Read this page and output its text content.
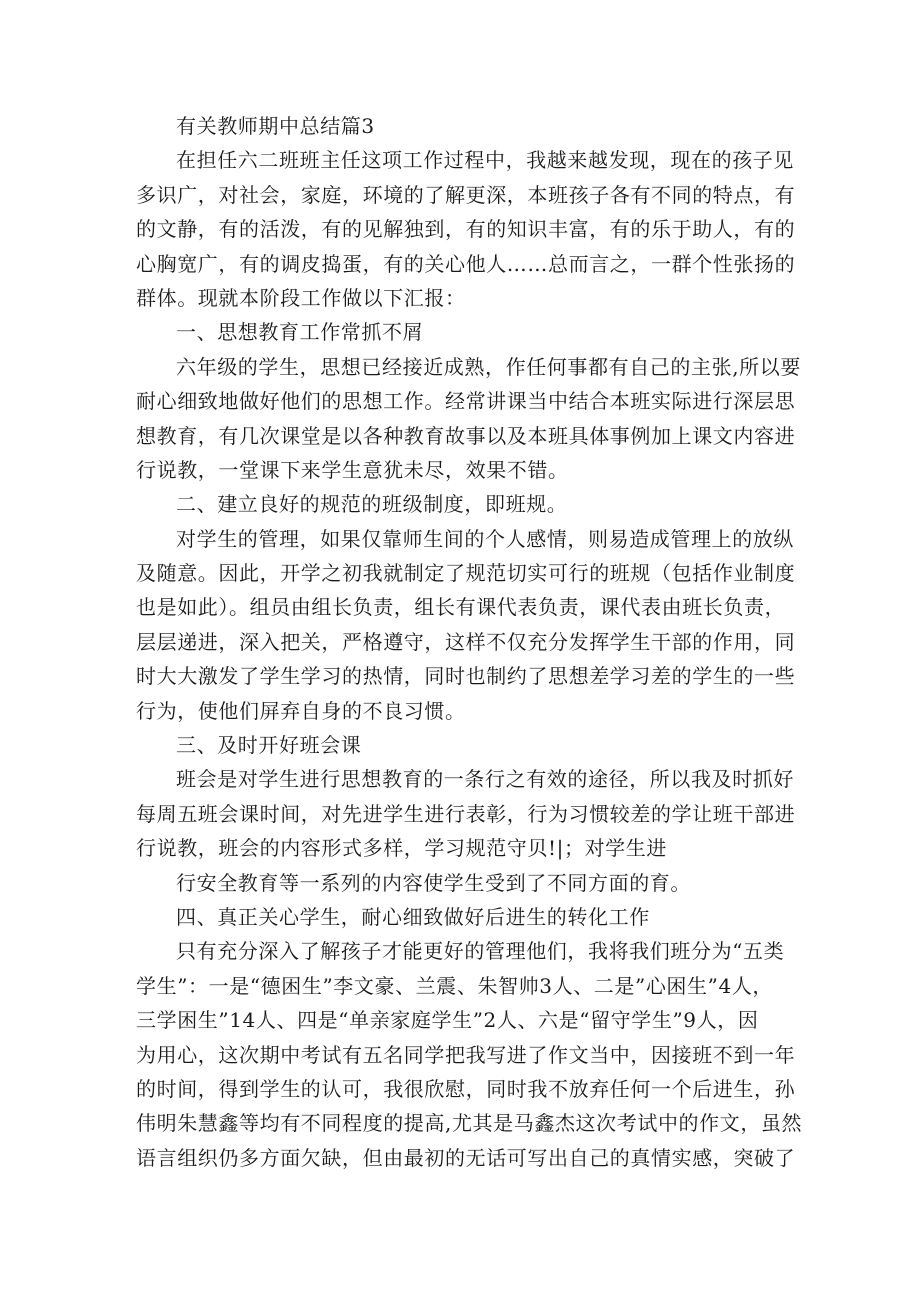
有关教师期中总结篇3
在担任六二班班主任这项工作过程中，我越来越发现，现在的孩子见
多识广，对社会，家庭，环境的了解更深，本班孩子各有不同的特点，有
的文静，有的活泼，有的见解独到，有的知识丰富，有的乐于助人，有的
心胸宽广，有的调皮捣蛋，有的关心他人……总而言之，一群个性张扬的
群体。现就本阶段工作做以下汇报：
一、思想教育工作常抓不屑
六年级的学生，思想已经接近成熟，作任何事都有自己的主张,所以要
耐心细致地做好他们的思想工作。经常讲课当中结合本班实际进行深层思
想教育，有几次课堂是以各种教育故事以及本班具体事例加上课文内容进
行说教，一堂课下来学生意犹未尽，效果不错。
二、建立良好的规范的班级制度，即班规。
对学生的管理，如果仅靠师生间的个人感情，则易造成管理上的放纵
及随意。因此，开学之初我就制定了规范切实可行的班规（包括作业制度
也是如此）。组员由组长负责，组长有课代表负责，课代表由班长负责，
层层递进，深入把关，严格遵守，这样不仅充分发挥学生干部的作用，同
时大大激发了学生学习的热情，同时也制约了思想差学习差的学生的一些
行为，使他们屏弃自身的不良习惯。
三、及时开好班会课
班会是对学生进行思想教育的一条行之有效的途径，所以我及时抓好
每周五班会课时间，对先进学生进行表彰，行为习惯较差的学让班干部进
行说教，班会的内容形式多样，学习规范守贝!|；对学生进
行安全教育等一系列的内容使学生受到了不同方面的育。
四、真正关心学生，耐心细致做好后进生的转化工作
只有充分深入了解孩子才能更好的管理他们，我将我们班分为“五类
学生”：一是“德困生”李文豪、兰震、朱智帅3人、二是”心困生”4人，
三学困生”14人、四是“单亲家庭学生”2人、六是“留守学生”9人，因
为用心，这次期中考试有五名同学把我写进了作文当中，因接班不到一年
的时间，得到学生的认可，我很欣慰，同时我不放弃任何一个后进生，孙
伟明朱慧鑫等均有不同程度的提高,尤其是马鑫杰这次考试中的作文，虽然
语言组织仍多方面欠缺，但由最初的无话可写出自己的真情实感，突破了
